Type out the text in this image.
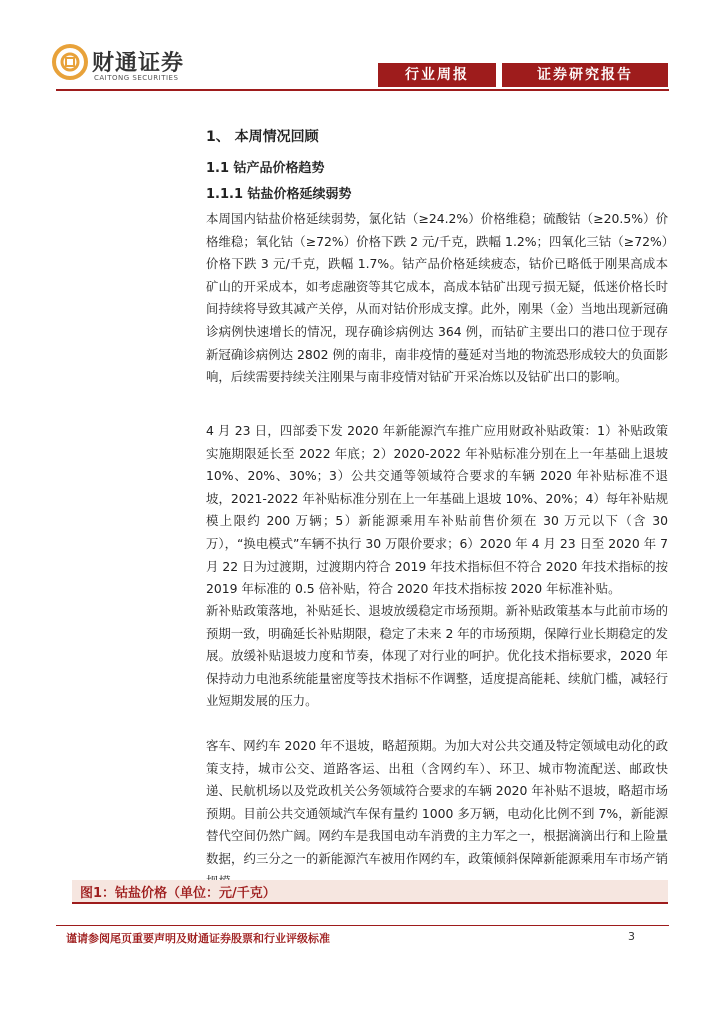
财通证券
CAITONG SECURITIES	行业周报	证券研究报告
1、 本周情况回顾
1.1 钴产品价格趋势
1.1.1 钴盐价格延续弱势
本周国内钴盐价格延续弱势，氯化钴（≥24.2%）价格维稳；硫酸钴（≥20.5%）价格维稳；氧化钴（≥72%）价格下跌 2 元/千克，跌幅 1.2%；四氧化三钴（≥72%）价格下跌 3 元/千克，跌幅 1.7%。钴产品价格延续疲态，钴价已略低于刚果高成本矿山的开采成本，如考虑融资等其它成本，高成本钴矿出现亏损无疑，低迷价格长时间持续将导致其减产关停，从而对钴价形成支撑。此外，刚果（金）当地出现新冠确诊病例快速增长的情况，现存确诊病例达 364 例，而钴矿主要出口的港口位于现存新冠确诊病例达 2802 例的南非，南非疫情的蔓延对当地的物流恐形成较大的负面影响，后续需要持续关注刚果与南非疫情对钴矿开采冶炼以及钴矿出口的影响。
4 月 23 日，四部委下发 2020 年新能源汽车推广应用财政补贴政策：1）补贴政策实施期限延长至 2022 年底；2）2020-2022 年补贴标准分别在上一年基础上退坡 10%、20%、30%；3）公共交通等领域符合要求的车辆 2020 年补贴标准不退坡，2021-2022 年补贴标准分别在上一年基础上退坡 10%、20%；4）每年补贴规模上限约 200 万辆；5）新能源乘用车补贴前售价须在 30 万元以下（含 30 万），“换电模式”车辆不执行 30 万限价要求；6）2020 年 4 月 23 日至 2020 年 7 月 22 日为过渡期，过渡期内符合 2019 年技术指标但不符合 2020 年技术指标的按 2019 年标准的 0.5 倍补贴，符合 2020 年技术指标按 2020 年标准补贴。
新补贴政策落地，补贴延长、退坡放缓稳定市场预期。新补贴政策基本与此前市场的预期一致，明确延长补贴期限，稳定了未来 2 年的市场预期，保障行业长期稳定的发展。放缓补贴退坡力度和节奏，体现了对行业的呵护。优化技术指标要求，2020 年保持动力电池系统能量密度等技术指标不作调整，适度提高能耗、续航门槛，减轻行业短期发展的压力。
客车、网约车 2020 年不退坡，略超预期。为加大对公共交通及特定领域电动化的政策支持，城市公交、道路客运、出租（含网约车）、环卫、城市物流配送、邮政快递、民航机场以及党政机关公务领域符合要求的车辆 2020 年补贴不退坡，略超市场预期。目前公共交通领域汽车保有量约 1000 多万辆，电动化比例不到 7%，新能源替代空间仍然广阔。网约车是我国电动车消费的主力军之一，根据滴滴出行和上险量数据，约三分之一的新能源汽车被用作网约车，政策倾斜保障新能源乘用车市场产销
图1：钴盐价格（单位：元/千克）
谨请参阅尾页重要声明及财通证券股票和行业评级标准	3
